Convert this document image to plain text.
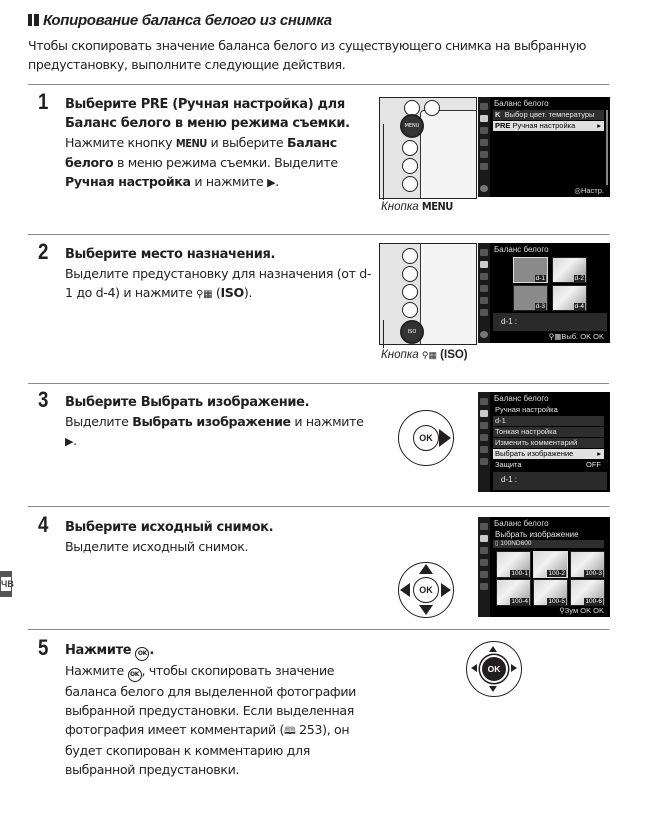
Копирование баланса белого из снимка
Чтобы скопировать значение баланса белого из существующего снимка на выбранную предустановку, выполните следующие действия.
ЧВ
1 Выберите PRE (Ручная настройка) для Баланс белого в меню режима съемки.
Нажмите кнопку MENU и выберите Баланс белого в меню режима съемки. Выделите Ручная настройка и нажмите ▶.
MENU
Кнопка MENU
Баланс белого
K Выбор цвет. температуры
PRE Ручная настройка	▸
◎Настр.
2 Выберите место назначения.
Выделите предустановку для назначения (от d-1 до d-4) и нажмите ⚲▦ (ISO).
ISO
Кнопка ⚲▦ (ISO)
Баланс белого
d-1	d-2
d-3	d-4
d-1 :
⚲▦Выб. OK OK
3 Выберите Выбрать изображение.
Выделите Выбрать изображение и нажмите
▶.	OK
Баланс белого
Ручная настройка
d-1
Тонкая настройка
Изменить комментарий
Выбрать изображение	▸
Защита	OFF
d-1 :
4 Выберите исходный снимок.
Выделите исходный снимок.
OK
Баланс белого
Выбрать изображение
▯ 100ND600
100-1	100-2	100-3
100-4	100-5	100-6
⚲Зум OK OK
5 Нажмите OK .
Нажмите OK , чтобы скопировать значение баланса белого для выделенной фотографии выбранной предустановки. Если выделенная фотография имеет комментарий (🕮 253), он будет скопирован к комментарию для выбранной предустановки.
OK
